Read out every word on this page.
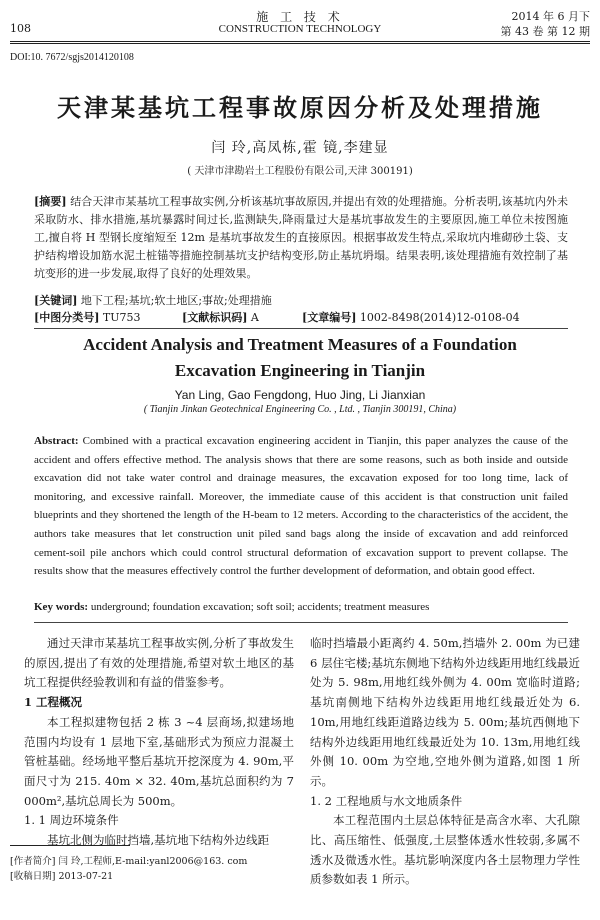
108
施 工 技 术
CONSTRUCTION TECHNOLOGY
2014 年 6 月下
第 43 卷 第 12 期
DOI:10. 7672/sgjs2014120108
天津某基坑工程事故原因分析及处理措施
闫 玲,高凤栋,霍 镜,李建显
( 天津市津勘岩土工程股份有限公司,天津 300191)
[摘要] 结合天津市某基坑工程事故实例,分析该基坑事故原因,并提出有效的处理措施。分析表明,该基坑内外未采取防水、排水措施,基坑暴露时间过长,监测缺失,降雨量过大是基坑事故发生的主要原因,施工单位未按图施工,擅自将 H 型钢长度缩短至 12m 是基坑事故发生的直接原因。根据事故发生特点,采取坑内堆砌砂土袋、支护结构增设加筋水泥土桩锚等措施控制基坑支护结构变形,防止基坑坍塌。结果表明,该处理措施有效控制了基坑变形的进一步发展,取得了良好的处理效果。
[关键词] 地下工程;基坑;软土地区;事故;处理措施
[中图分类号] TU753	[文献标识码] A	[文章编号] 1002-8498(2014)12-0108-04
Accident Analysis and Treatment Measures of a Foundation
Excavation Engineering in Tianjin
Yan Ling, Gao Fengdong, Huo Jing, Li Jianxian
( Tianjin Jinkan Geotechnical Engineering Co. , Ltd. , Tianjin 300191, China)
Abstract: Combined with a practical excavation engineering accident in Tianjin, this paper analyzes the cause of the accident and offers effective method. The analysis shows that there are some reasons, such as both inside and outside excavation did not take water control and drainage measures, the excavation exposed for too long time, lack of monitoring, and excessive rainfall. Moreover, the immediate cause of this accident is that construction unit failed blueprints and they shortened the length of the H-beam to 12 meters. According to the characteristics of the accident, the authors take measures that let construction unit piled sand bags along the inside of excavation and add reinforced cement-soil pile anchors which could control structural deformation of excavation support to prevent collapse. The results show that the measures effectively control the further development of deformation, and obtain good effect.
Key words: underground; foundation excavation; soft soil; accidents; treatment measures

通过天津市某基坑工程事故实例,分析了事故发生的原因,提出了有效的处理措施,希望对软土地区的基坑工程提供经验教训和有益的借鉴参考。

1 工程概况

本工程拟建物包括 2 栋 3 ~4 层商场,拟建场地范围内均设有 1 层地下室,基础形式为预应力混凝土管桩基础。经场地平整后基坑开挖深度为 4. 90m,平面尺寸为 215. 40m × 32. 40m,基坑总面积约为 7 000m²,基坑总周长为 500m。

1. 1 周边环境条件

基坑北侧为临时挡墙,基坑地下结构外边线距

临时挡墙最小距离约 4. 50m,挡墙外 2. 00m 为已建 6 层住宅楼;基坑东侧地下结构外边线距用地红线最近处为 5. 98m,用地红线外侧为 4. 00m 宽临时道路;基坑南侧地下结构外边线距用地红线最近处为 6. 10m,用地红线距道路边线为 5. 00m;基坑西侧地下结构外边线距用地红线最近处为 10. 13m,用地红线外侧 10. 00m 为空地,空地外侧为道路,如图 1 所示。

1. 2 工程地质与水文地质条件

本工程范围内土层总体特征是高含水率、大孔隙比、高压缩性、低强度,土层整体透水性较弱,多属不透水及微透水性。基坑影响深度内各土层物理力学性质参数如表 1 所示。

[作者简介] 闫 玲,工程师,E-mail:yanl2006@163. com
[收稿日期] 2013-07-21
